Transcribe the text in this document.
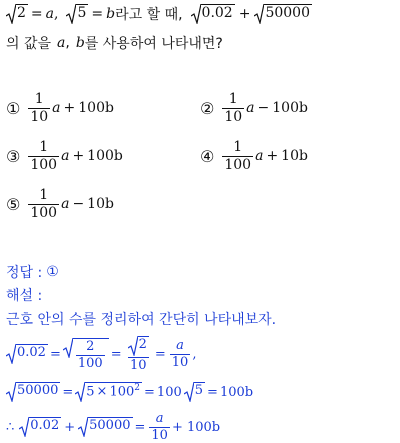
2 = a , 5 = b 라고 할 때, 0.02 + 50000
의 값을 a , b 를 사용하여 나타내면?
① $\frac{1}{10}$ a + 100b	② $\frac{1}{10}$ a − 100b
③ $\frac{1}{100}$ a + 100b	④ $\frac{1}{100}$ a + 10b
⑤ $\frac{1}{100}$ a − 10b
정답 : ①
해설 :
근호 안의 수를 정리하여 간단히 나타내보자.
$0.02 = \frac{2}{100} = \frac{2}{10} = \frac{a}{10}$ ,
$50000 = 5 \times 100^2 = 100$ 5 = 100b
∴ $0.02 + 50000 = \frac{a}{10} + 100b$
